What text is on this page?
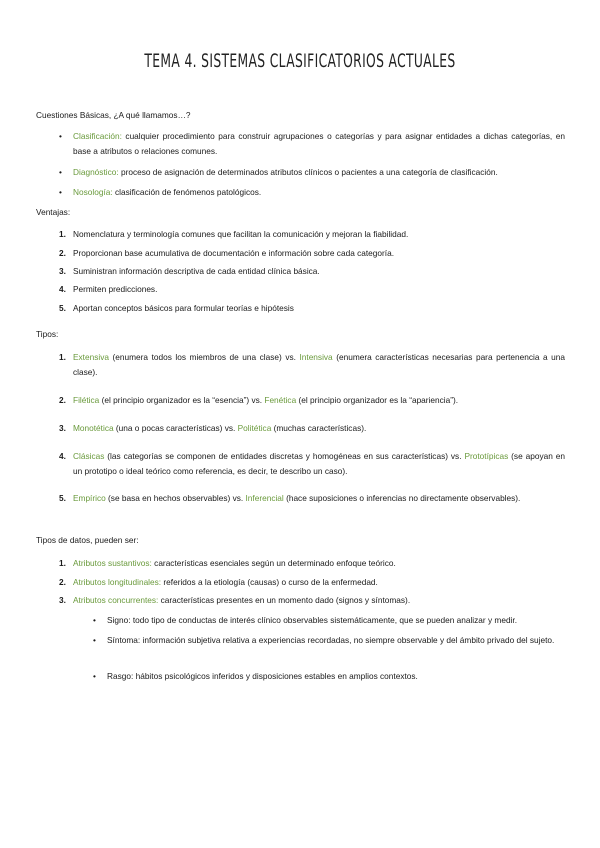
TEMA 4. SISTEMAS CLASIFICATORIOS ACTUALES
Cuestiones Básicas, ¿A qué llamamos…?
•	Clasificación: cualquier procedimiento para construir agrupaciones o categorías y para asignar entidades a dichas categorías, en base a atributos o relaciones comunes.
•	Diagnóstico: proceso de asignación de determinados atributos clínicos o pacientes a una categoría de clasificación.
•	Nosología: clasificación de fenómenos patológicos.
Ventajas:
1. Nomenclatura y terminología comunes que facilitan la comunicación y mejoran la fiabilidad.
2. Proporcionan base acumulativa de documentación e información sobre cada categoría.
3. Suministran información descriptiva de cada entidad clínica básica.
4. Permiten predicciones.
5. Aportan conceptos básicos para formular teorías e hipótesis
Tipos:
1. Extensiva (enumera todos los miembros de una clase) vs. Intensiva (enumera características necesarias para pertenencia a una clase).
2. Filética (el principio organizador es la “esencia”) vs. Fenética (el principio organizador es la “apariencia”).
3. Monotética (una o pocas características) vs. Politética (muchas características).
4. Clásicas (las categorías se componen de entidades discretas y homogéneas en sus características) vs. Prototípicas (se apoyan en un prototipo o ideal teórico como referencia, es decir, te describo un caso).
5. Empírico (se basa en hechos observables) vs. Inferencial (hace suposiciones o inferencias no directamente observables).
Tipos de datos, pueden ser:
1. Atributos sustantivos: características esenciales según un determinado enfoque teórico.
2. Atributos longitudinales: referidos a la etiología (causas) o curso de la enfermedad.
3. Atributos concurrentes: características presentes en un momento dado (signos y síntomas).
• Signo: todo tipo de conductas de interés clínico observables sistemáticamente, que se pueden analizar y medir.
• Síntoma: información subjetiva relativa a experiencias recordadas, no siempre observable y del ámbito privado del sujeto.
• Rasgo: hábitos psicológicos inferidos y disposiciones estables en amplios contextos.
